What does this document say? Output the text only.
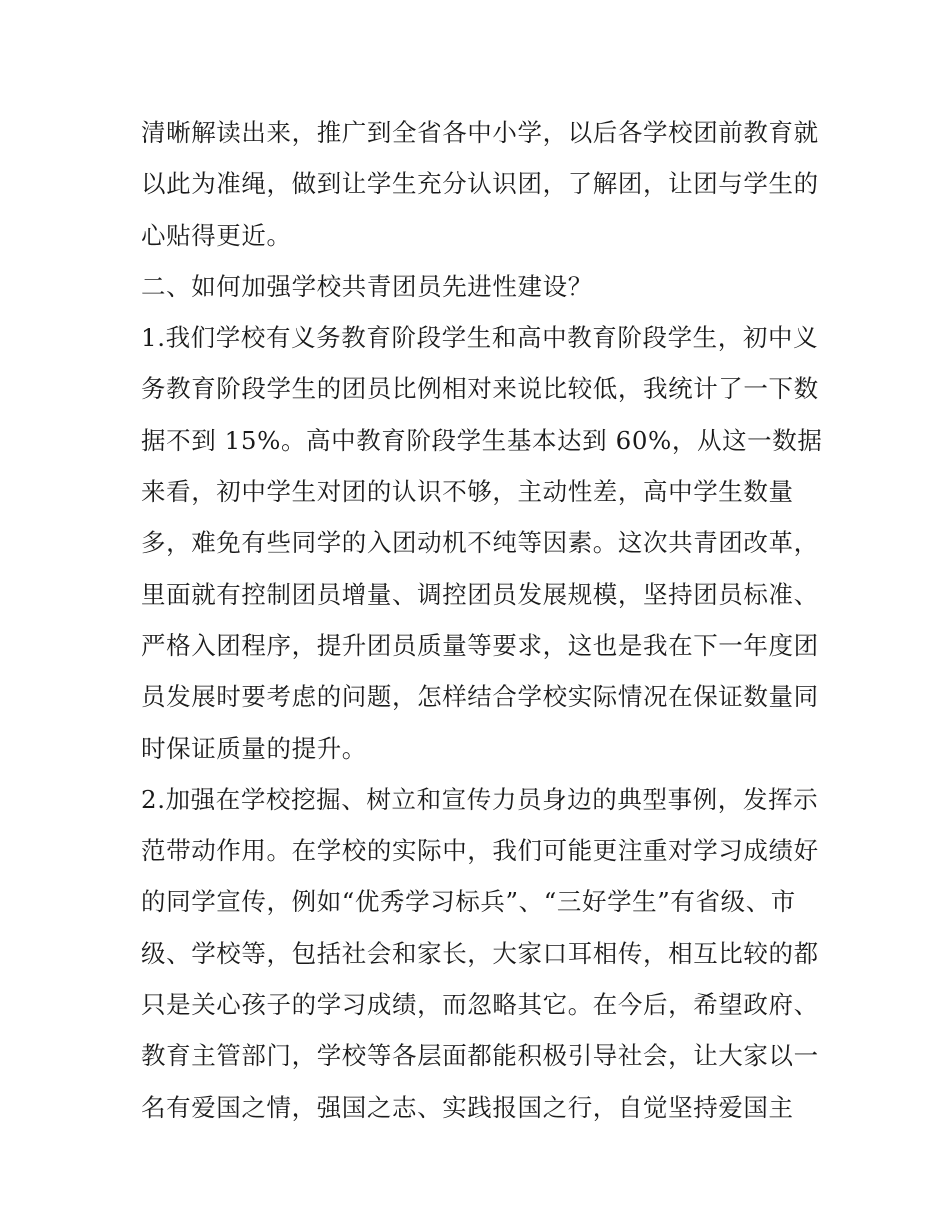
清晰解读出来，推广到全省各中小学，以后各学校团前教育就
以此为准绳，做到让学生充分认识团，了解团，让团与学生的
心贴得更近。
二、如何加强学校共青团员先进性建设？
1.我们学校有义务教育阶段学生和高中教育阶段学生，初中义
务教育阶段学生的团员比例相对来说比较低，我统计了一下数
据不到 15%。高中教育阶段学生基本达到 60%，从这一数据
来看，初中学生对团的认识不够，主动性差，高中学生数量
多，难免有些同学的入团动机不纯等因素。这次共青团改革，
里面就有控制团员增量、调控团员发展规模，坚持团员标准、
严格入团程序，提升团员质量等要求，这也是我在下一年度团
员发展时要考虑的问题，怎样结合学校实际情况在保证数量同
时保证质量的提升。
2.加强在学校挖掘、树立和宣传力员身边的典型事例，发挥示
范带动作用。在学校的实际中，我们可能更注重对学习成绩好
的同学宣传，例如“优秀学习标兵”、“三好学生”有省级、市
级、学校等，包括社会和家长，大家口耳相传，相互比较的都
只是关心孩子的学习成绩，而忽略其它。在今后，希望政府、
教育主管部门，学校等各层面都能积极引导社会，让大家以一
名有爱国之情，强国之志、实践报国之行，自觉坚持爱国主
